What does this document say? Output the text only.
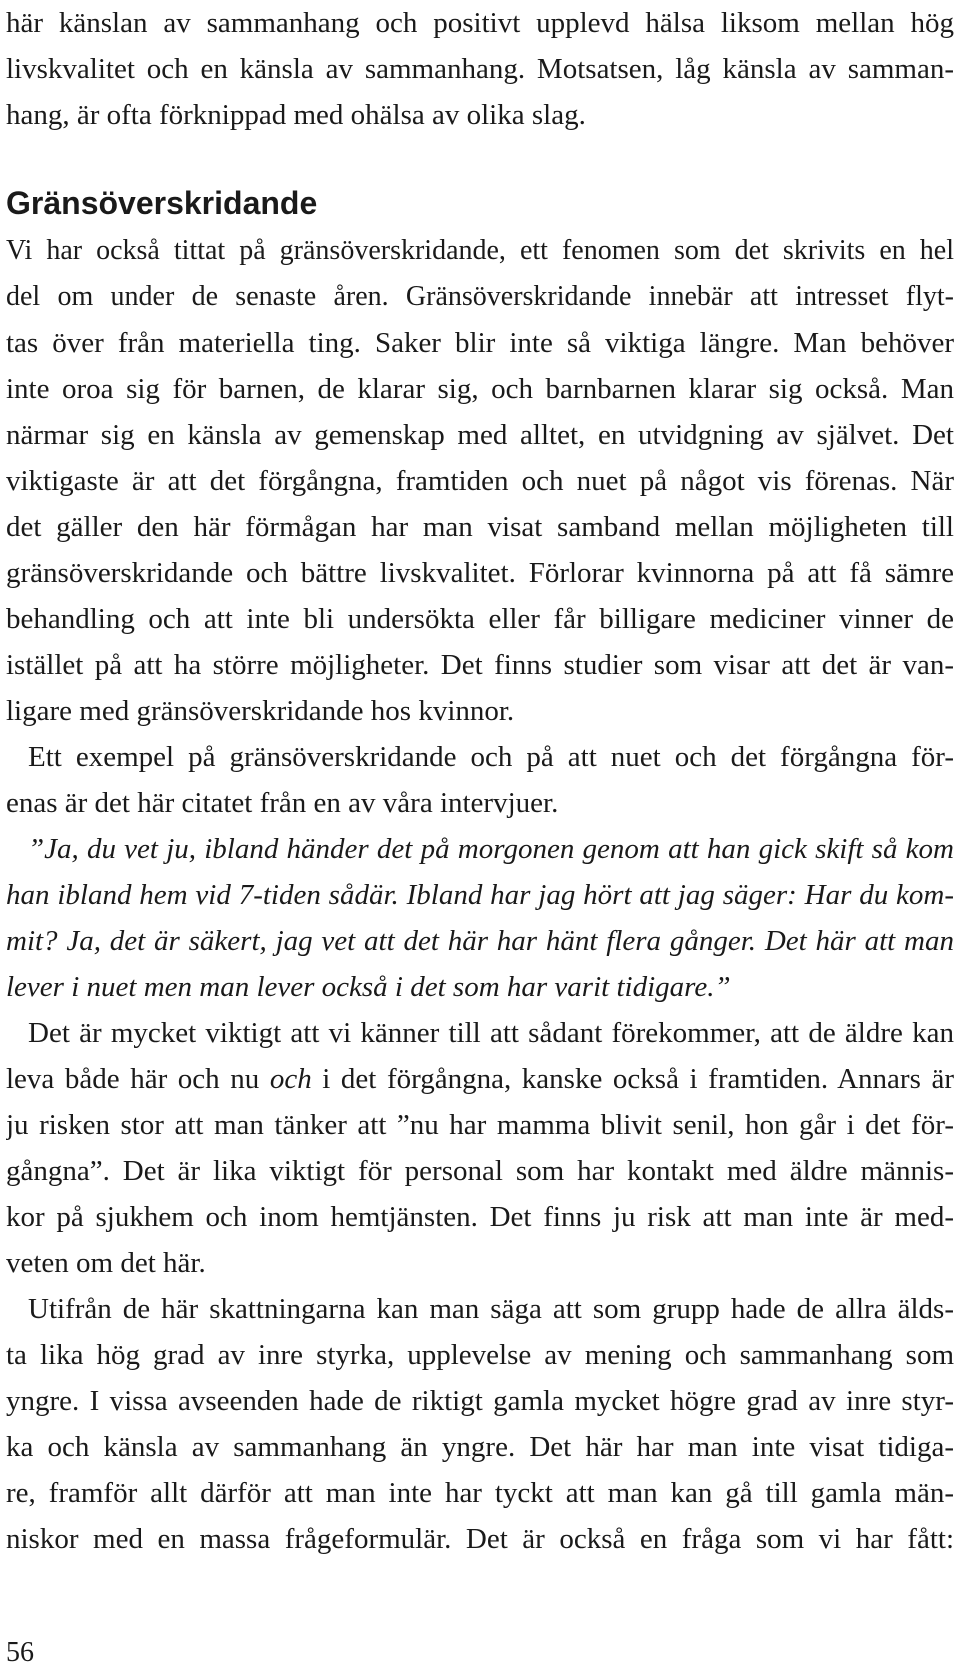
här känslan av sammanhang och positivt upplevd hälsa liksom mellan hög
livskvalitet och en känsla av sammanhang. Motsatsen, låg känsla av samman-
hang, är ofta förknippad med ohälsa av olika slag.
Gränsöverskridande
Vi har också tittat på gränsöverskridande, ett fenomen som det skrivits en hel
del om under de senaste åren. Gränsöverskridande innebär att intresset flyt-
tas över från materiella ting. Saker blir inte så viktiga längre. Man behöver
inte oroa sig för barnen, de klarar sig, och barnbarnen klarar sig också. Man
närmar sig en känsla av gemenskap med alltet, en utvidgning av självet. Det
viktigaste är att det förgångna, framtiden och nuet på något vis förenas. När
det gäller den här förmågan har man visat samband mellan möjligheten till
gränsöverskridande och bättre livskvalitet. Förlorar kvinnorna på att få sämre
behandling och att inte bli undersökta eller får billigare mediciner vinner de
istället på att ha större möjligheter. Det finns studier som visar att det är van-
ligare med gränsöverskridande hos kvinnor.
Ett exempel på gränsöverskridande och på att nuet och det förgångna för-
enas är det här citatet från en av våra intervjuer.
”Ja, du vet ju, ibland händer det på morgonen genom att han gick skift så kom
han ibland hem vid 7-tiden sådär. Ibland har jag hört att jag säger: Har du kom-
mit? Ja, det är säkert, jag vet att det här har hänt flera gånger. Det här att man
lever i nuet men man lever också i det som har varit tidigare.”
Det är mycket viktigt att vi känner till att sådant förekommer, att de äldre kan
leva både här och nu och i det förgångna, kanske också i framtiden. Annars är
ju risken stor att man tänker att ”nu har mamma blivit senil, hon går i det för-
gångna”. Det är lika viktigt för personal som har kontakt med äldre männis-
kor på sjukhem och inom hemtjänsten. Det finns ju risk att man inte är med-
veten om det här.
Utifrån de här skattningarna kan man säga att som grupp hade de allra älds-
ta lika hög grad av inre styrka, upplevelse av mening och sammanhang som
yngre. I vissa avseenden hade de riktigt gamla mycket högre grad av inre styr-
ka och känsla av sammanhang än yngre. Det här har man inte visat tidiga-
re, framför allt därför att man inte har tyckt att man kan gå till gamla män-
niskor med en massa frågeformulär. Det är också en fråga som vi har fått:
56
